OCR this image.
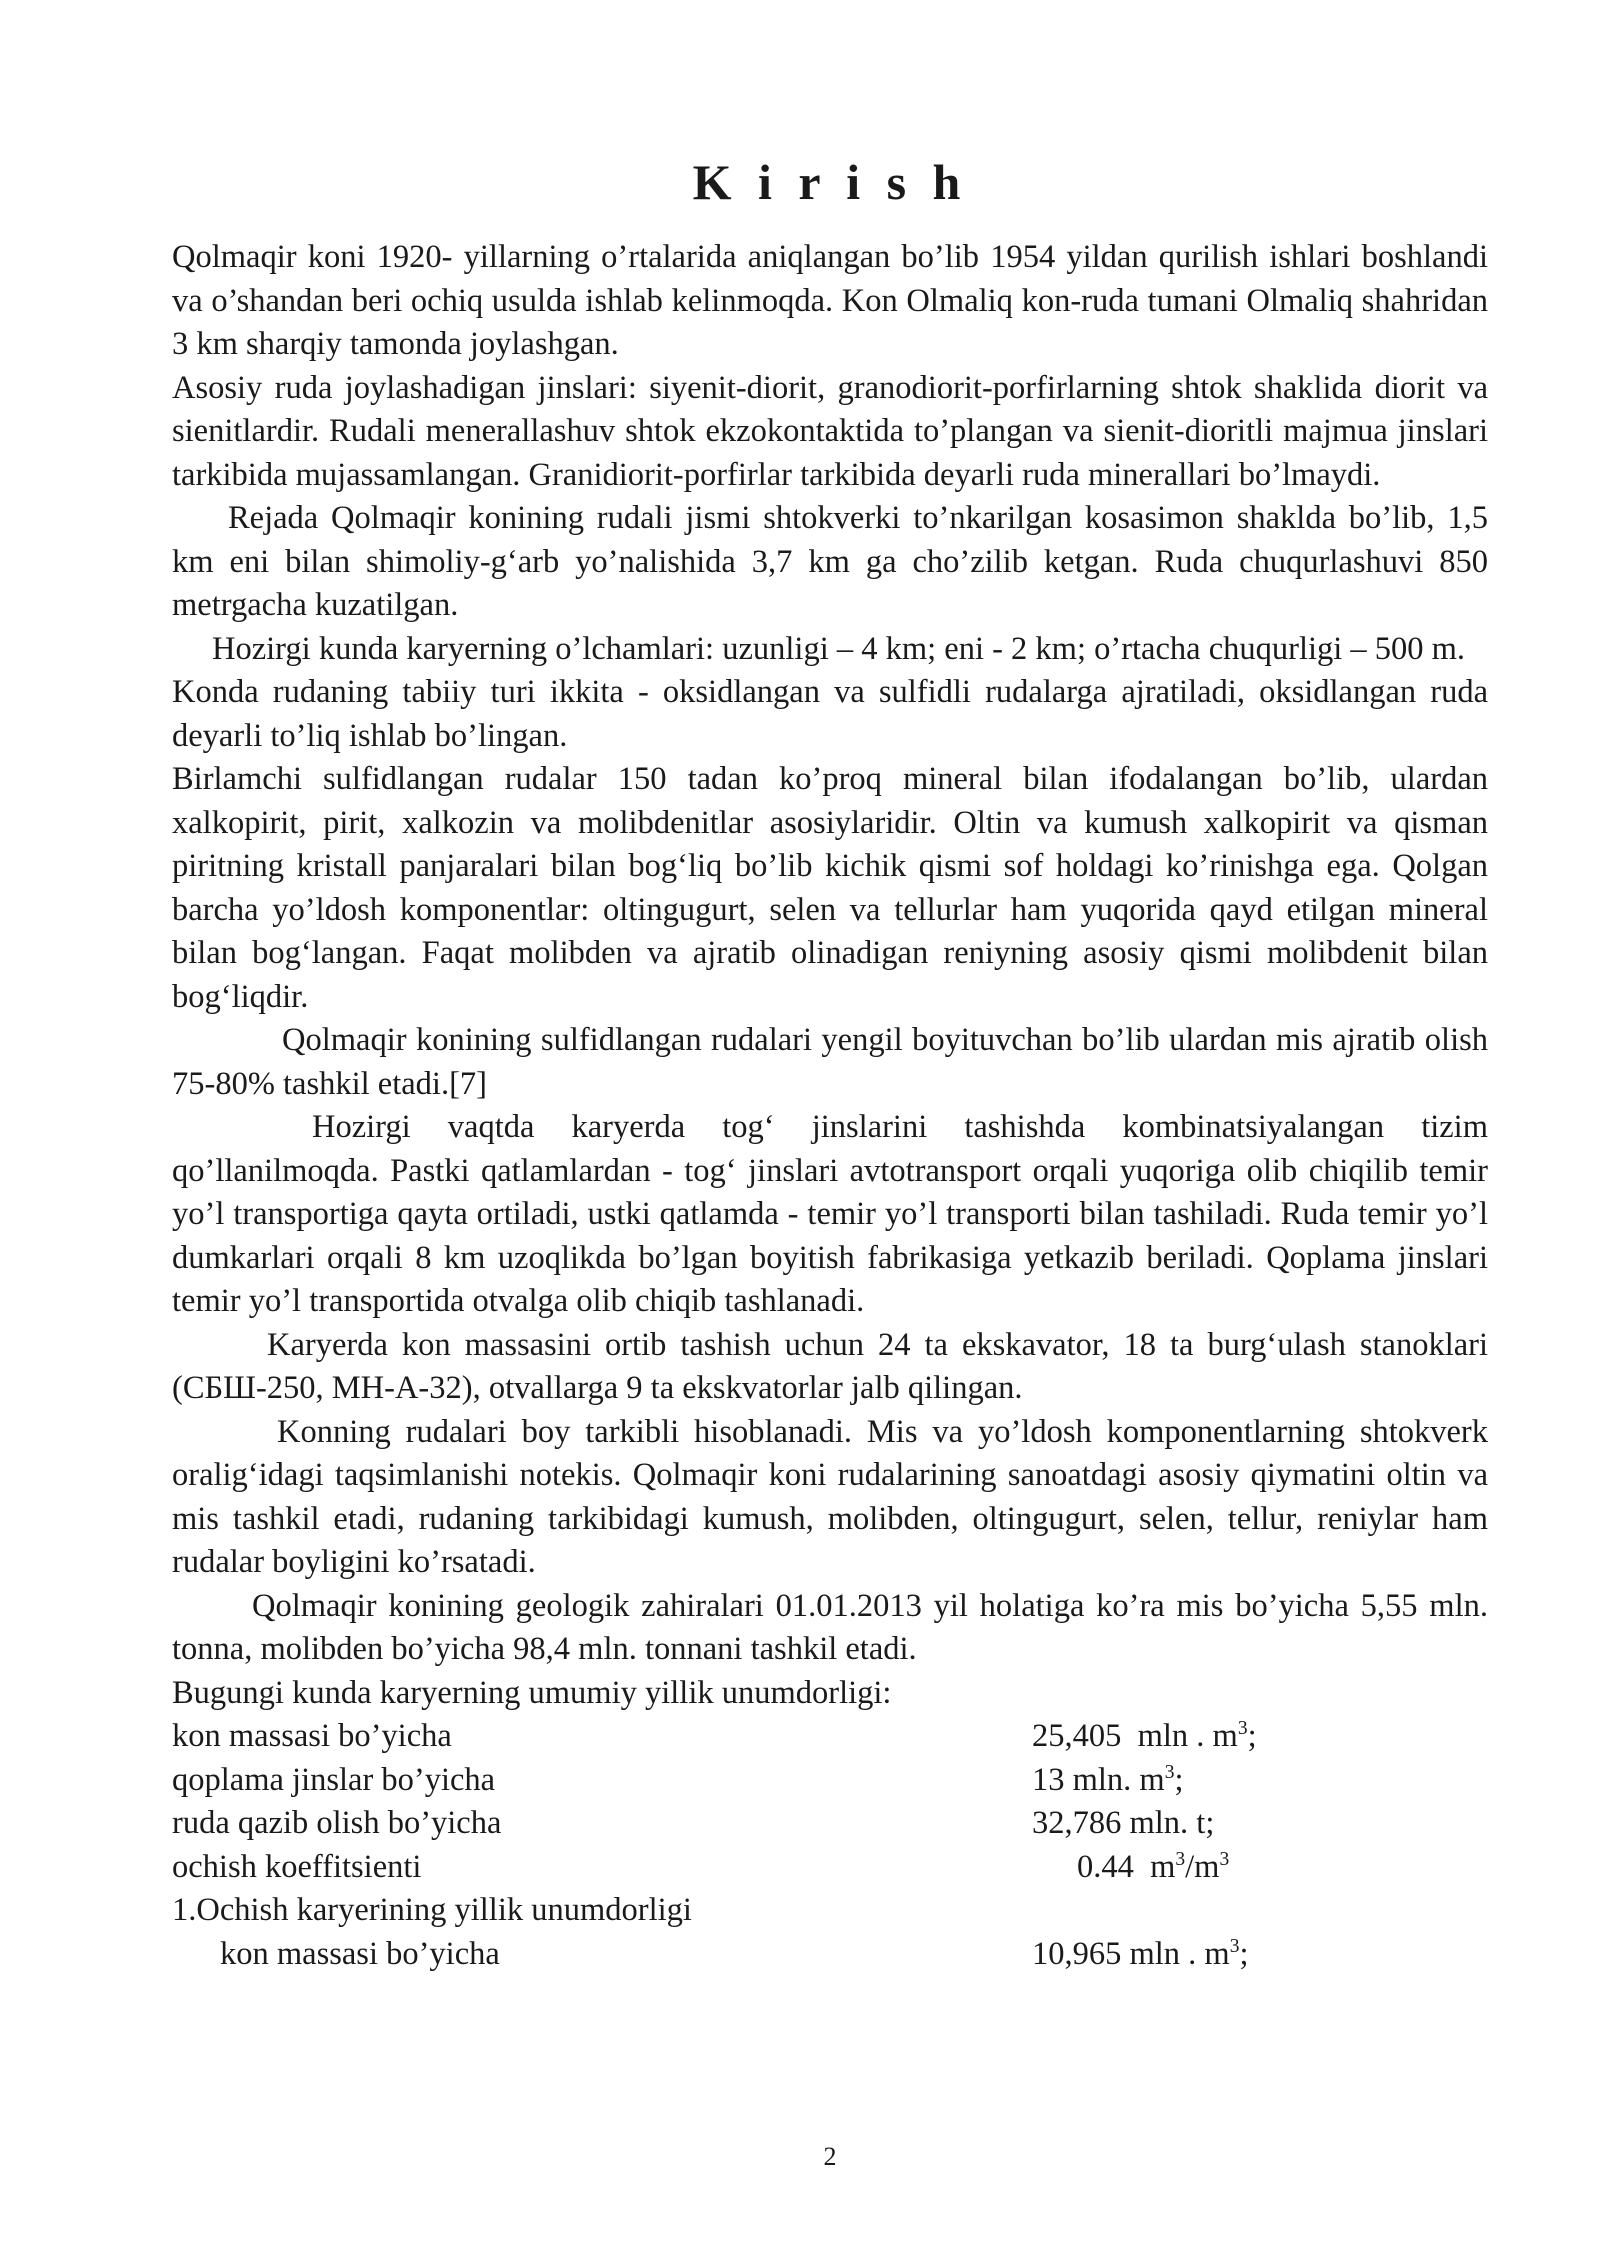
K i r i s h

Qolmaqir koni 1920- yillarning o’rtalarida aniqlangan bo’lib 1954 yildan qurilish ishlari boshlandi va o’shandan beri ochiq usulda ishlab kelinmoqda. Kon Olmaliq kon-ruda tumani Olmaliq shahridan 3 km sharqiy tamonda joylashgan.

Asosiy ruda joylashadigan jinslari: siyenit-diorit, granodiorit-porfirlarning shtok shaklida diorit va sienitlardir. Rudali menerallashuv shtok ekzokontaktida to’plangan va sienit-dioritli majmua jinslari tarkibida mujassamlangan. Granidiorit-porfirlar tarkibida deyarli ruda minerallari bo’lmaydi.

Rejada Qolmaqir konining rudali jismi shtokverki to’nkarilgan kosasimon shaklda bo’lib, 1,5 km eni bilan shimoliy-g‘arb yo’nalishida 3,7 km ga cho’zilib ketgan. Ruda chuqurlashuvi 850 metrgacha kuzatilgan.

Hozirgi kunda karyerning o’lchamlari: uzunligi – 4 km; eni - 2 km; o’rtacha chuqurligi – 500 m.

Konda rudaning tabiiy turi ikkita - oksidlangan va sulfidli rudalarga ajratiladi, oksidlangan ruda deyarli to’liq ishlab bo’lingan.

Birlamchi sulfidlangan rudalar 150 tadan ko’proq mineral bilan ifodalangan bo’lib, ulardan xalkopirit, pirit, xalkozin va molibdenitlar asosiylaridir. Oltin va kumush xalkopirit va qisman piritning kristall panjaralari bilan bog‘liq bo’lib kichik qismi sof holdagi ko’rinishga ega. Qolgan barcha yo’ldosh komponentlar: oltingugurt, selen va tellurlar ham yuqorida qayd etilgan mineral bilan bog‘langan. Faqat molibden va ajratib olinadigan reniyning asosiy qismi molibdenit bilan bog‘liqdir.

Qolmaqir konining sulfidlangan rudalari yengil boyituvchan bo’lib ulardan mis ajratib olish 75-80% tashkil etadi.[7]

Hozirgi vaqtda karyerda tog‘ jinslarini tashishda kombinatsiyalangan tizim qo’llanilmoqda. Pastki qatlamlardan - tog‘ jinslari avtotransport orqali yuqoriga olib chiqilib temir yo’l transportiga qayta ortiladi, ustki qatlamda - temir yo’l transporti bilan tashiladi. Ruda temir yo’l dumkarlari orqali 8 km uzoqlikda bo’lgan boyitish fabrikasiga yetkazib beriladi. Qoplama jinslari temir yo’l transportida otvalga olib chiqib tashlanadi.

Karyerda kon massasini ortib tashish uchun 24 ta ekskavator, 18 ta burg‘ulash stanoklari (СБШ-250, МН-А-32), otvallarga 9 ta ekskvatorlar jalb qilingan.

Konning rudalari boy tarkibli hisoblanadi. Mis va yo’ldosh komponentlarning shtokverk oralig‘idagi taqsimlanishi notekis. Qolmaqir koni rudalarining sanoatdagi asosiy qiymatini oltin va mis tashkil etadi, rudaning tarkibidagi kumush, molibden, oltingugurt, selen, tellur, reniylar ham rudalar boyligini ko’rsatadi.

Qolmaqir konining geologik zahiralari 01.01.2013 yil holatiga ko’ra mis bo’yicha 5,55 mln. tonna, molibden bo’yicha 98,4 mln. tonnani tashkil etadi.

Bugungi kunda karyerning umumiy yillik unumdorligi:

kon massasi bo’yicha	25,405  mln . $m^3$;
qoplama jinslar bo’yicha	13 mln. $m^3$;
ruda qazib olish bo’yicha	32,786 mln. t;
ochish koeffitsienti	0.44  $m^3/m^3$

1.Ochish karyerining yillik unumdorligi

kon massasi bo’yicha	10,965 mln . $m^3$;
2
